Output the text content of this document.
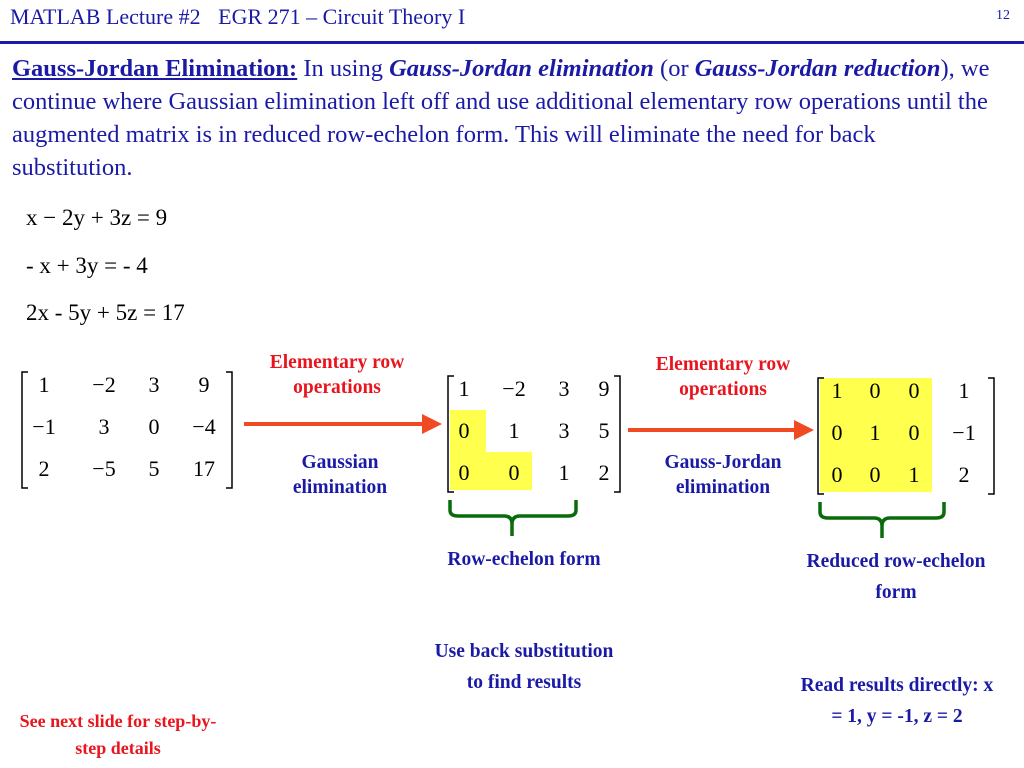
MATLAB Lecture #2 EGR 271 – Circuit Theory I	12
Gauss-Jordan Elimination: In using Gauss-Jordan elimination (or Gauss-Jordan reduction), we continue where Gaussian elimination left off and use additional elementary row operations until the augmented matrix is in reduced row-echelon form. This will eliminate the need for back substitution.
x − 2y + 3z = 9
- x + 3y = - 4
2x - 5y + 5z = 17
1	−2	3	9
−1	3	0	−4
2	−5	5	17
Elementary row operations
Gaussian elimination
1	−2	3	9
0	1	3	5
0	0	1	2
Row-echelon form
Use back substitution to find results
Elementary row operations
Gauss-Jordan elimination
1	0	0	1
0	1	0	−1
0	0	1	2
Reduced row-echelon form
Read results directly: x = 1, y = -1, z = 2
See next slide for step-by-step details
